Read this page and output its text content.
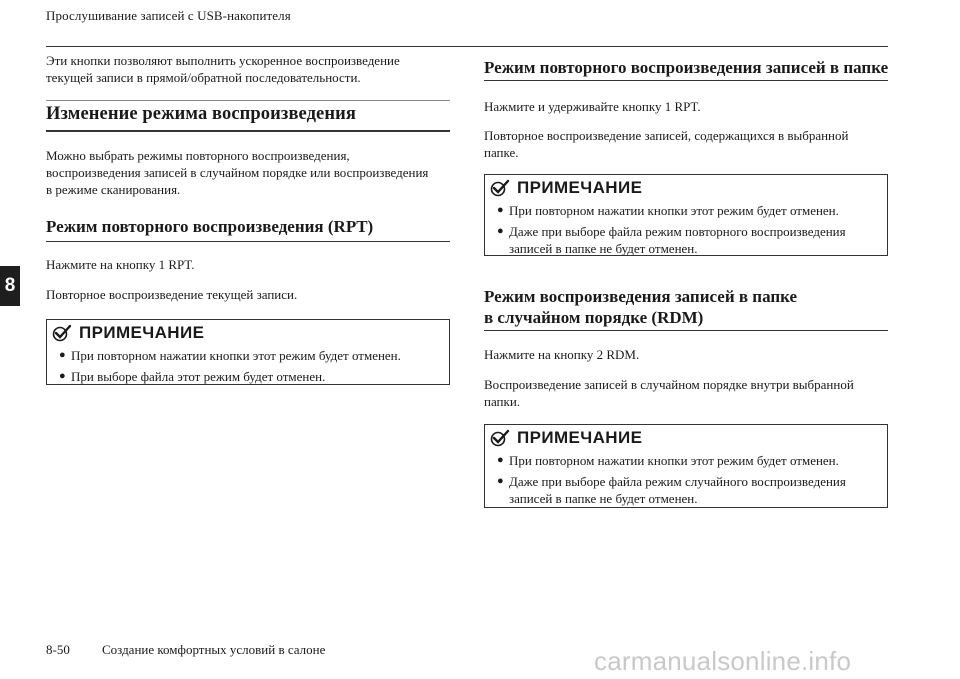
Прослушивание записей с USB-накопителя
8
Эти кнопки позволяют выполнить ускоренное воспроизведение
текущей записи в прямой/обратной последовательности.
Изменение режима воспроизведения
Можно выбрать режимы повторного воспроизведения,
воспроизведения записей в случайном порядке или воспроизведения
в режиме сканирования.
Режим повторного воспроизведения (RPT)
Нажмите на кнопку 1 RPT.
Повторное воспроизведение текущей записи.
ПРИМЕЧАНИЕ
● При повторном нажатии кнопки этот режим будет отменен.
● При выборе файла этот режим будет отменен.
Режим повторного воспроизведения записей в папке
Нажмите и удерживайте кнопку 1 RPT.
Повторное воспроизведение записей, содержащихся в выбранной
папке.
ПРИМЕЧАНИЕ
● При повторном нажатии кнопки этот режим будет отменен.
● Даже при выборе файла режим повторного воспроизведения
записей в папке не будет отменен.
Режим воспроизведения записей в папке
в случайном порядке (RDM)
Нажмите на кнопку 2 RDM.
Воспроизведение записей в случайном порядке внутри выбранной
папки.
ПРИМЕЧАНИЕ
● При повторном нажатии кнопки этот режим будет отменен.
● Даже при выборе файла режим случайного воспроизведения
записей в папке не будет отменен.
8-50 Создание комфортных условий в салоне	carmanualsonline.info
